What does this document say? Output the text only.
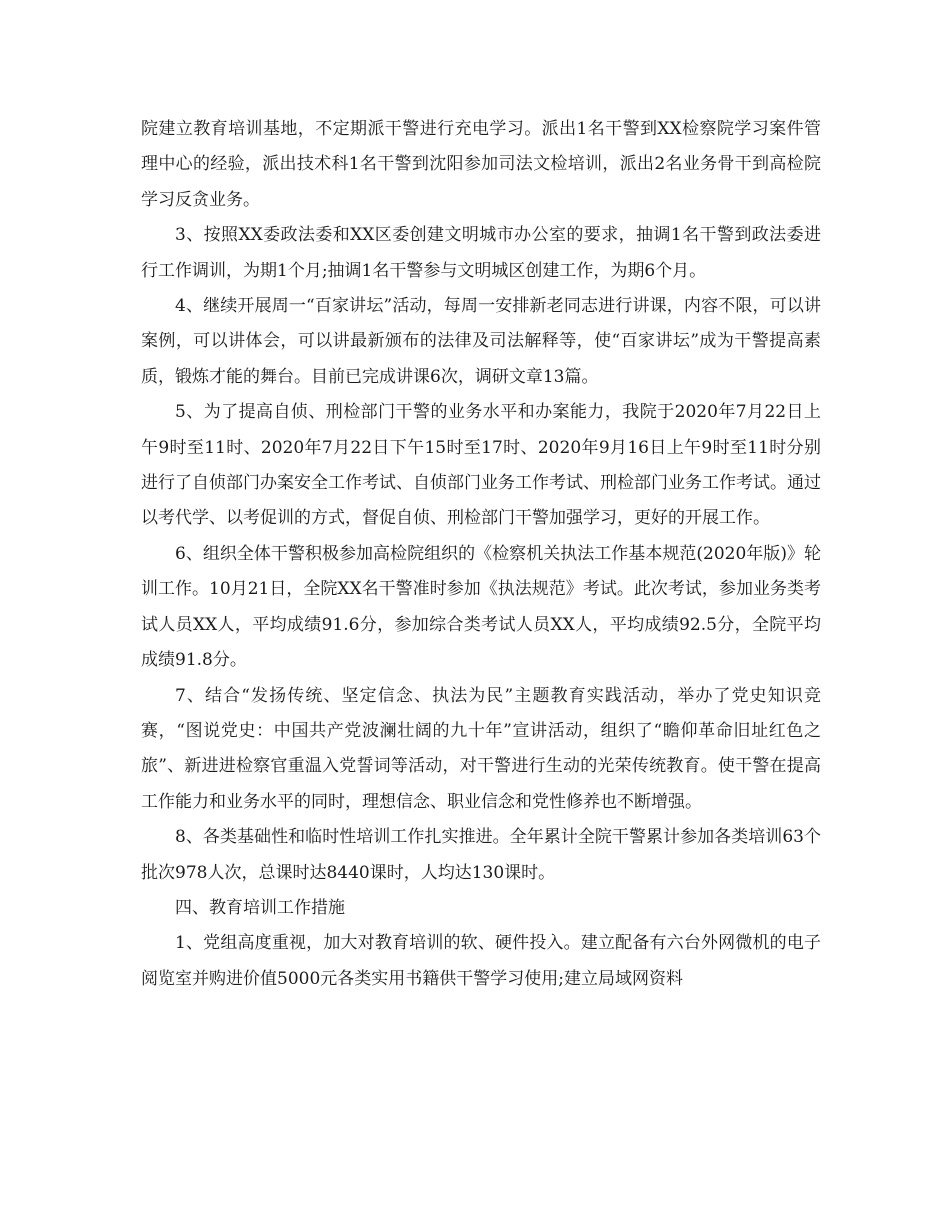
院建立教育培训基地，不定期派干警进行充电学习。派出1名干警到XX检察院学习案件管理中心的经验，派出技术科1名干警到沈阳参加司法文检培训，派出2名业务骨干到高检院学习反贪业务。

3、按照XX委政法委和XX区委创建文明城市办公室的要求，抽调1名干警到政法委进行工作调训，为期1个月;抽调1名干警参与文明城区创建工作，为期6个月。

4、继续开展周一“百家讲坛”活动，每周一安排新老同志进行讲课，内容不限，可以讲案例，可以讲体会，可以讲最新颁布的法律及司法解释等，使“百家讲坛”成为干警提高素质，锻炼才能的舞台。目前已完成讲课6次，调研文章13篇。

5、为了提高自侦、刑检部门干警的业务水平和办案能力，我院于2020年7月22日上午9时至11时、2020年7月22日下午15时至17时、2020年9月16日上午9时至11时分别进行了自侦部门办案安全工作考试、自侦部门业务工作考试、刑检部门业务工作考试。通过以考代学、以考促训的方式，督促自侦、刑检部门干警加强学习，更好的开展工作。

6、组织全体干警积极参加高检院组织的《检察机关执法工作基本规范(2020年版)》轮训工作。10月21日，全院XX名干警准时参加《执法规范》考试。此次考试，参加业务类考试人员XX人，平均成绩91.6分，参加综合类考试人员XX人，平均成绩92.5分，全院平均成绩91.8分。

7、结合“发扬传统、坚定信念、执法为民”主题教育实践活动，举办了党史知识竞赛，“图说党史：中国共产党波澜壮阔的九十年”宣讲活动，组织了“瞻仰革命旧址红色之旅”、新进进检察官重温入党誓词等活动，对干警进行生动的光荣传统教育。使干警在提高工作能力和业务水平的同时，理想信念、职业信念和党性修养也不断增强。

8、各类基础性和临时性培训工作扎实推进。全年累计全院干警累计参加各类培训63个批次978人次，总课时达8440课时，人均达130课时。

四、教育培训工作措施

1、党组高度重视，加大对教育培训的软、硬件投入。建立配备有六台外网微机的电子阅览室并购进价值5000元各类实用书籍供干警学习使用;建立局域网资料
